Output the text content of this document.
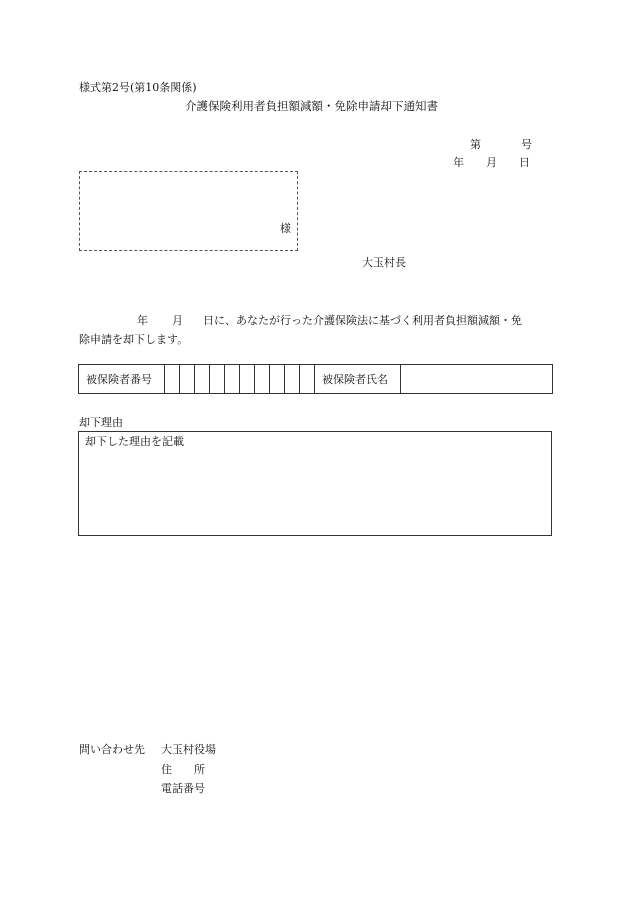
様式第2号(第10条関係)
介護保険利用者負担額減額・免除申請却下通知書
第	号
年 月 日
様
大玉村長
年 月 日に、あなたが行った介護保険法に基づく利用者負担額減額・免
除申請を却下します。
被保険者番号											被保険者氏名	
却下理由
却下した理由を記載
問い合わせ先 大玉村役場
住 所
電話番号
